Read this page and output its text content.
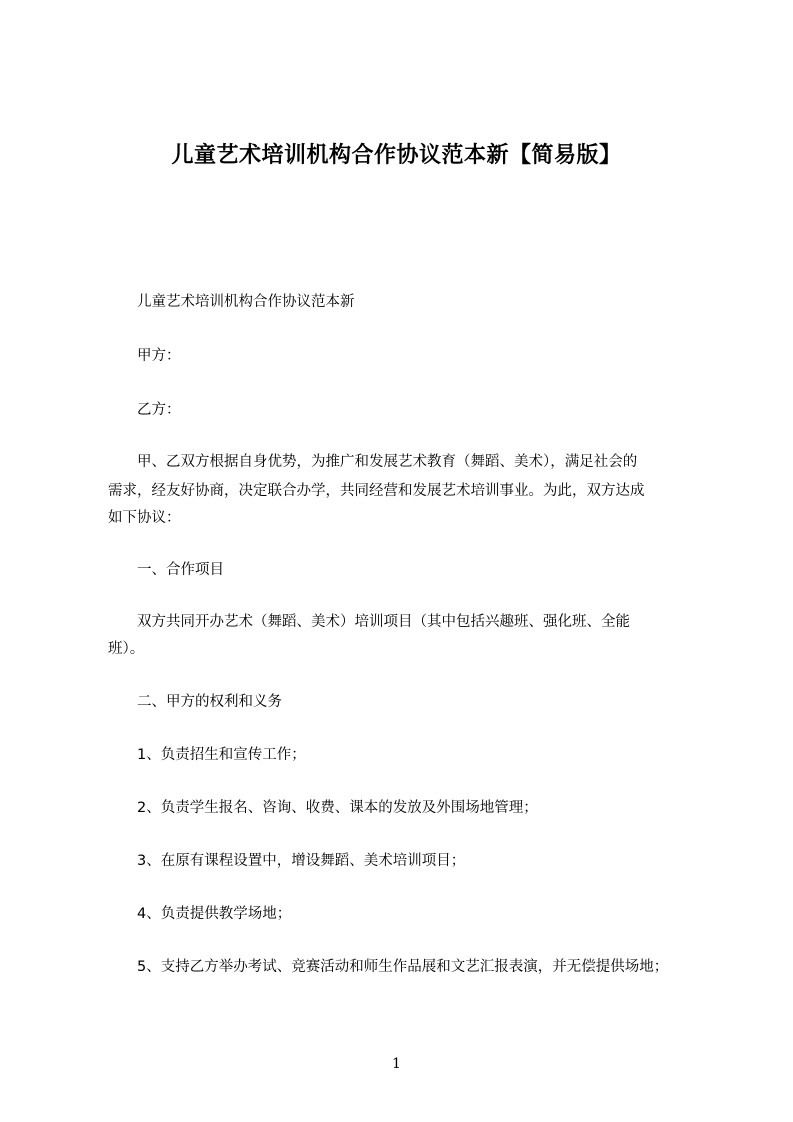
儿童艺术培训机构合作协议范本新【简易版】
儿童艺术培训机构合作协议范本新
甲方：
乙方：
甲、乙双方根据自身优势，为推广和发展艺术教育（舞蹈、美术），满足社会的
需求，经友好协商，决定联合办学，共同经营和发展艺术培训事业。为此，双方达成
如下协议：
一、合作项目
双方共同开办艺术（舞蹈、美术）培训项目（其中包括兴趣班、强化班、全能
班）。
二、甲方的权利和义务
1、负责招生和宣传工作；
2、负责学生报名、咨询、收费、课本的发放及外围场地管理；
3、在原有课程设置中，增设舞蹈、美术培训项目；
4、负责提供教学场地；
5、支持乙方举办考试、竞赛活动和师生作品展和文艺汇报表演，并无偿提供场地；
1
